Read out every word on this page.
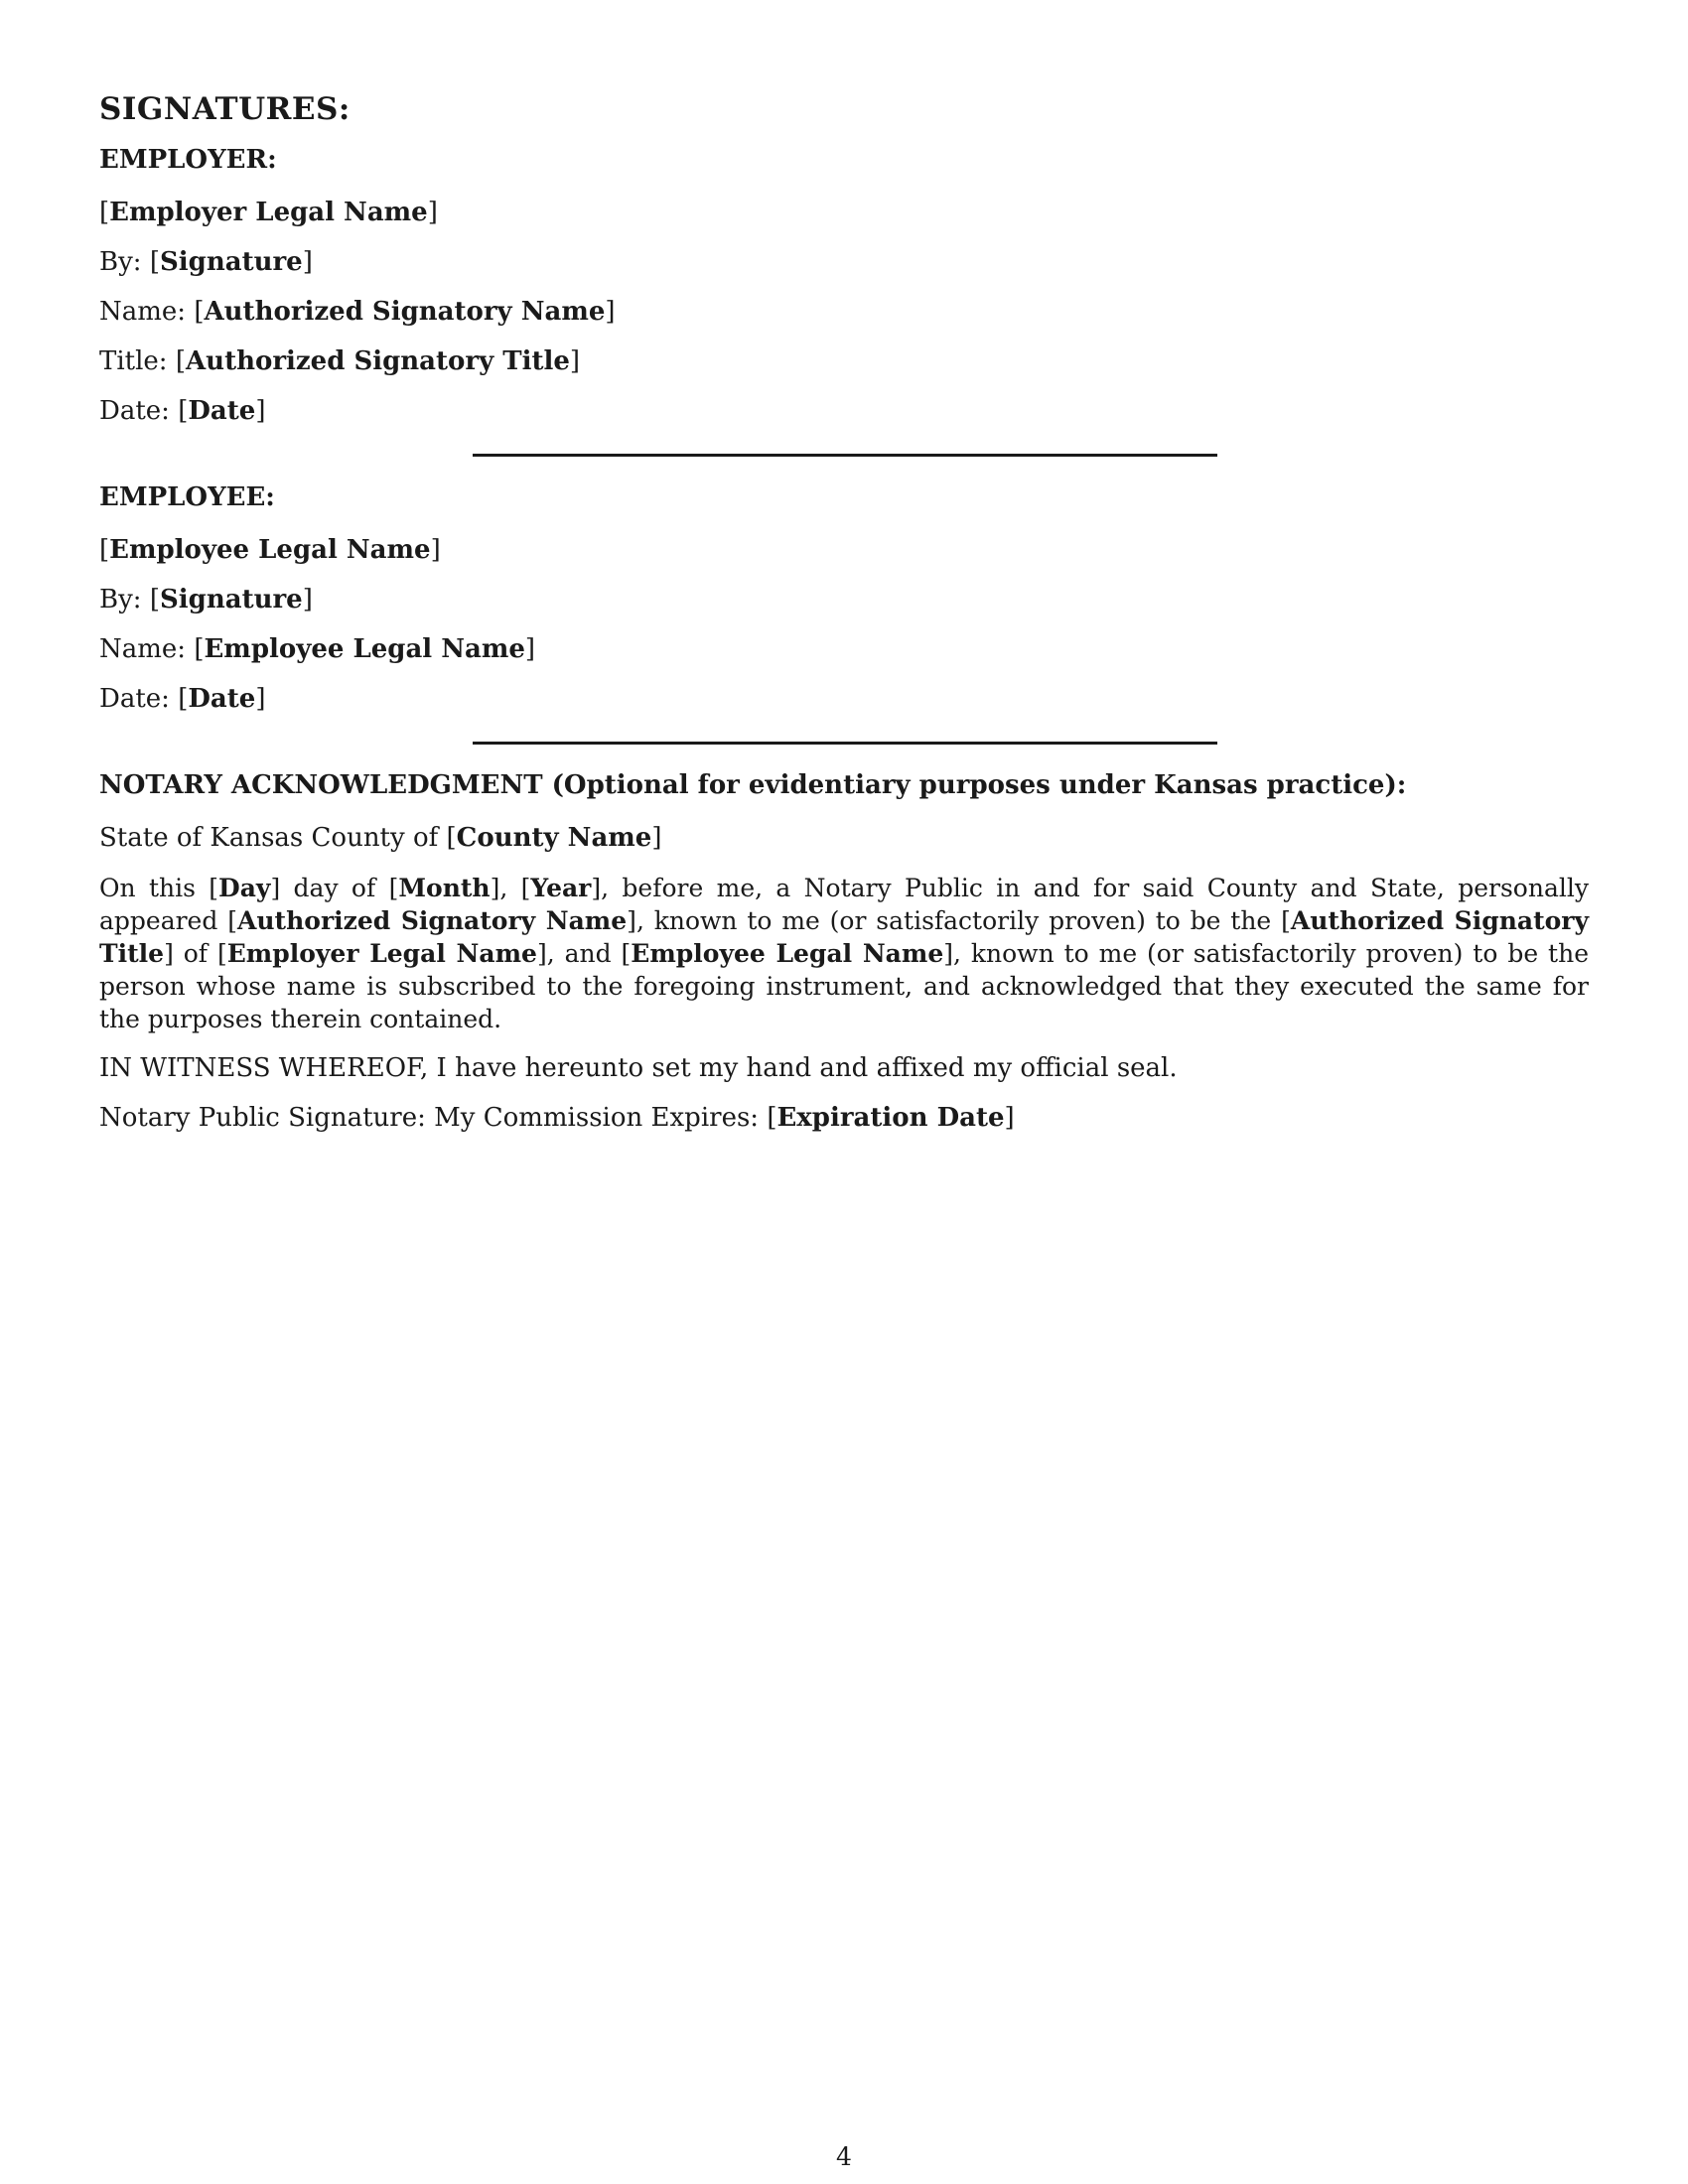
SIGNATURES:
EMPLOYER:

[Employer Legal Name]

By: [Signature]

Name: [Authorized Signatory Name]

Title: [Authorized Signatory Title]

Date: [Date]

EMPLOYEE:

[Employee Legal Name]

By: [Signature]

Name: [Employee Legal Name]

Date: [Date]

NOTARY ACKNOWLEDGMENT (Optional for evidentiary purposes under Kansas practice):

State of Kansas County of [County Name]

On this [Day] day of [Month], [Year], before me, a Notary Public in and for said County and State, personally appeared [Authorized Signatory Name], known to me (or satisfactorily proven) to be the [Authorized Signatory Title] of [Employer Legal Name], and [Employee Legal Name], known to me (or satisfactorily proven) to be the person whose name is subscribed to the foregoing instrument, and acknowledged that they executed the same for the purposes therein contained.

IN WITNESS WHEREOF, I have hereunto set my hand and affixed my official seal.

Notary Public Signature: My Commission Expires: [Expiration Date]

4
